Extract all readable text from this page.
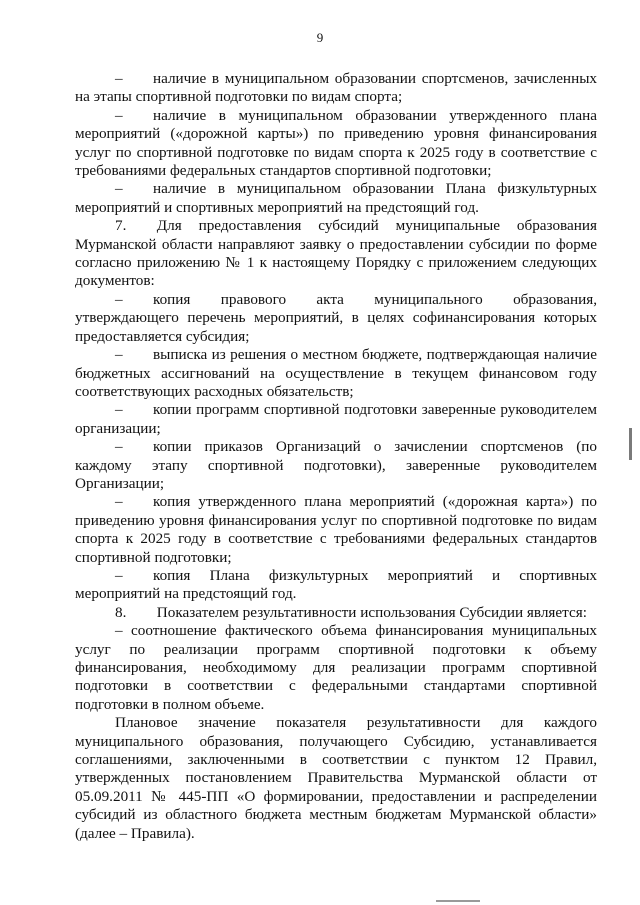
9

–  наличие в муниципальном образовании спортсменов, зачисленных на этапы спортивной подготовки по видам спорта;

–  наличие в муниципальном образовании утвержденного плана мероприятий («дорожной карты») по приведению уровня финансирования услуг по спортивной подготовке по видам спорта к 2025 году в соответствие с требованиями федеральных стандартов спортивной подготовки;

–  наличие в муниципальном образовании Плана физкультурных мероприятий и спортивных мероприятий на предстоящий год.

7.  Для предоставления субсидий муниципальные образования Мурманской области направляют заявку о предоставлении субсидии по форме согласно приложению № 1 к настоящему Порядку с приложением следующих документов:

–  копия правового акта муниципального образования, утверждающего перечень мероприятий, в целях софинансирования которых предоставляется субсидия;

–  выписка из решения о местном бюджете, подтверждающая наличие бюджетных ассигнований на осуществление в текущем финансовом году соответствующих расходных обязательств;

–  копии программ спортивной подготовки заверенные руководителем организации;

–  копии приказов Организаций о зачислении спортсменов (по каждому этапу спортивной подготовки), заверенные руководителем Организации;

–  копия утвержденного плана мероприятий («дорожная карта») по приведению уровня финансирования услуг по спортивной подготовке по видам спорта к 2025 году в соответствие с требованиями федеральных стандартов спортивной подготовки;

–  копия Плана физкультурных мероприятий и спортивных мероприятий на предстоящий год.

8.  Показателем результативности использования Субсидии является:

– соотношение фактического объема финансирования муниципальных услуг по реализации программ спортивной подготовки к объему финансирования, необходимому для реализации программ спортивной подготовки в соответствии с федеральными стандартами спортивной подготовки в полном объеме.

Плановое значение показателя результативности для каждого муниципального образования, получающего Субсидию, устанавливается соглашениями, заключенными в соответствии с пунктом 12 Правил, утвержденных постановлением Правительства Мурманской области от 05.09.2011 № 445-ПП «О формировании, предоставлении и распределении субсидий из областного бюджета местным бюджетам Мурманской области» (далее – Правила).
